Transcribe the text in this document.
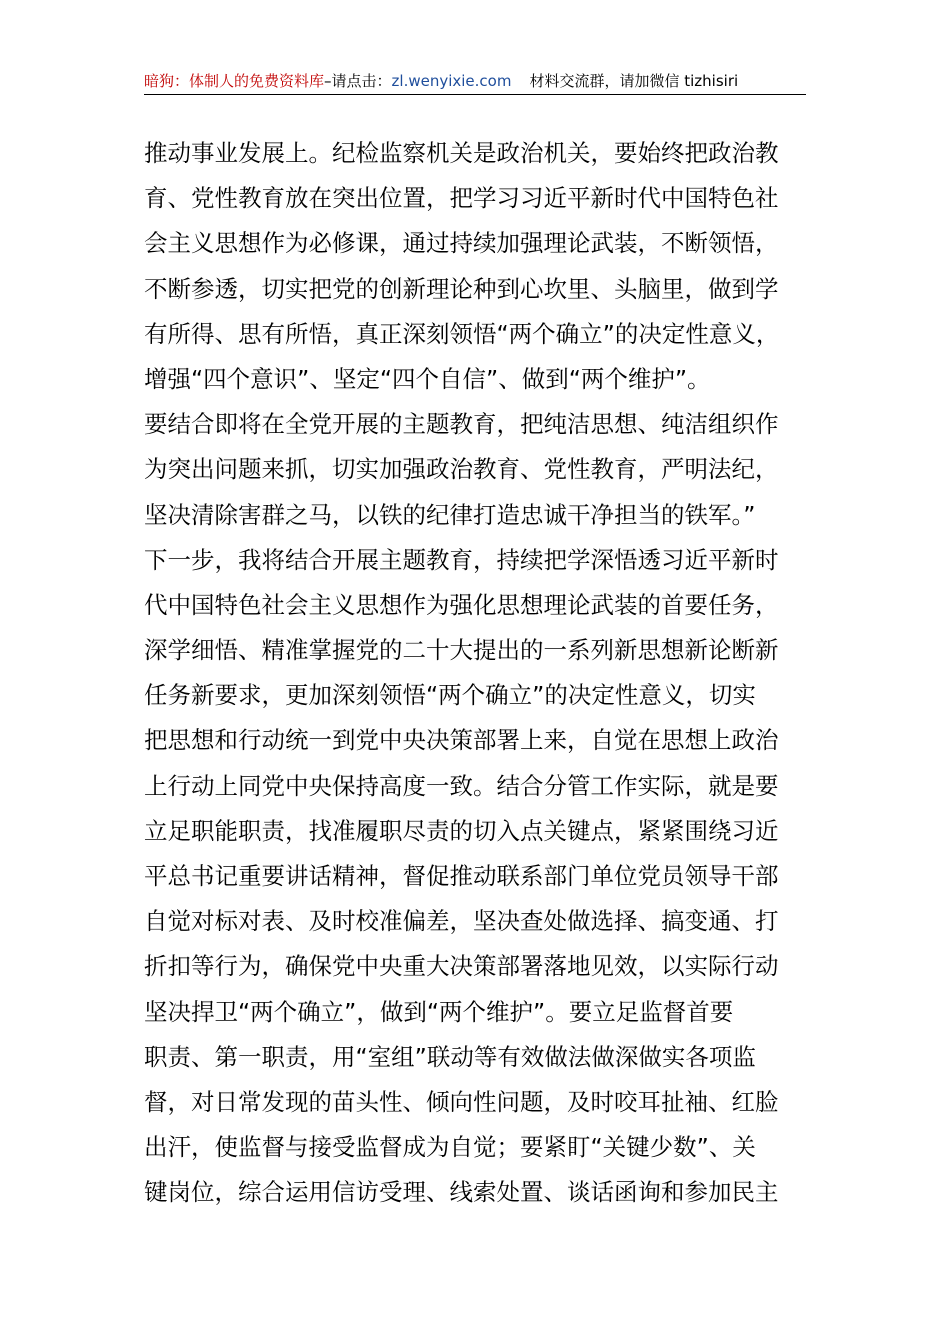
暗狗：体制人的免费资料库–请点击：zl.wenyixie.com 材料交流群，请加微信 tizhisiri
推动事业发展上。纪检监察机关是政治机关，要始终把政治教
育、党性教育放在突出位置，把学习习近平新时代中国特色社
会主义思想作为必修课，通过持续加强理论武装，不断领悟，
不断参透，切实把党的创新理论种到心坎里、头脑里，做到学
有所得、思有所悟，真正深刻领悟“两个确立”的决定性意义，
增强“四个意识”、坚定“四个自信”、做到“两个维护”。
要结合即将在全党开展的主题教育，把纯洁思想、纯洁组织作
为突出问题来抓，切实加强政治教育、党性教育，严明法纪，
坚决清除害群之马，以铁的纪律打造忠诚干净担当的铁军。”
下一步，我将结合开展主题教育，持续把学深悟透习近平新时
代中国特色社会主义思想作为强化思想理论武装的首要任务，
深学细悟、精准掌握党的二十大提出的一系列新思想新论断新
任务新要求，更加深刻领悟“两个确立”的决定性意义，切实
把思想和行动统一到党中央决策部署上来，自觉在思想上政治
上行动上同党中央保持高度一致。结合分管工作实际，就是要
立足职能职责，找准履职尽责的切入点关键点，紧紧围绕习近
平总书记重要讲话精神，督促推动联系部门单位党员领导干部
自觉对标对表、及时校准偏差，坚决查处做选择、搞变通、打
折扣等行为，确保党中央重大决策部署落地见效，以实际行动
坚决捍卫“两个确立”，做到“两个维护”。要立足监督首要
职责、第一职责，用“室组”联动等有效做法做深做实各项监
督，对日常发现的苗头性、倾向性问题，及时咬耳扯袖、红脸
出汗，使监督与接受监督成为自觉；要紧盯“关键少数”、关
键岗位，综合运用信访受理、线索处置、谈话函询和参加民主
